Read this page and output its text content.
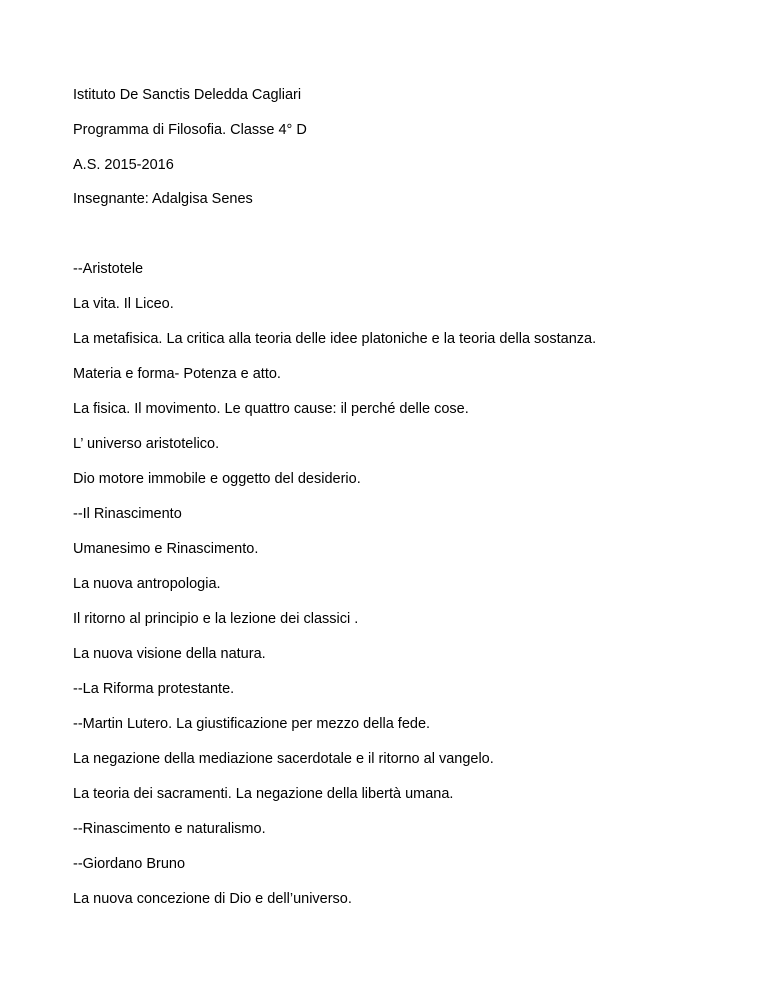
Istituto De Sanctis Deledda Cagliari
Programma di Filosofia. Classe 4° D
A.S. 2015-2016
Insegnante: Adalgisa Senes
--Aristotele
La vita. Il Liceo.
La metafisica. La critica alla teoria delle idee platoniche e la teoria della sostanza.
Materia e forma- Potenza e atto.
La fisica. Il movimento. Le quattro cause: il perché delle cose.
L’ universo aristotelico.
Dio motore immobile e oggetto del desiderio.
--Il Rinascimento
Umanesimo e Rinascimento.
La nuova antropologia.
Il ritorno al principio e la lezione dei classici .
La nuova visione della natura.
--La Riforma protestante.
--Martin Lutero. La giustificazione per mezzo della fede.
La negazione della mediazione sacerdotale e il ritorno al vangelo.
La teoria dei sacramenti. La negazione della libertà umana.
--Rinascimento e naturalismo.
--Giordano Bruno
La nuova concezione di Dio e dell’universo.
